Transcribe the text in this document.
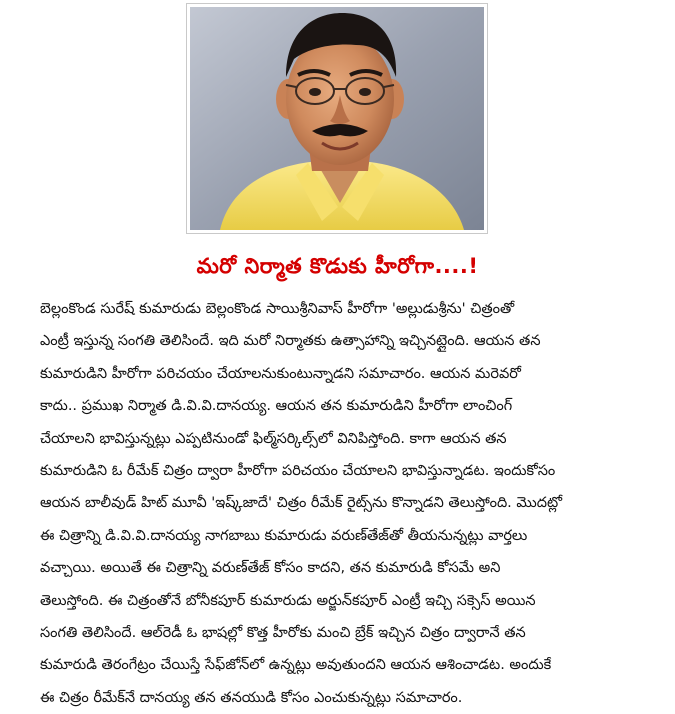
మరో నిర్మాత కొడుకు హీరోగా....!
బెల్లంకొండ సురేష్ కుమారుడు బెల్లంకొండ సాయిశ్రీనివాస్ హీరోగా 'అల్లుడుశ్రీను' చిత్రంతో
ఎంట్రీ ఇస్తున్న సంగతి తెలిసిందే. ఇది మరో నిర్మాతకు ఉత్సాహాన్ని ఇచ్చినట్లైంది. ఆయన తన
కుమారుడిని హీరోగా పరిచయం చేయాలనుకుంటున్నాడని సమాచారం. ఆయన మరెవరో
కాదు.. ప్రముఖ నిర్మాత డి.వి.వి.దానయ్య. ఆయన తన కుమారుడిని హీరోగా లాంచింగ్
చేయాలని భావిస్తున్నట్లు ఎప్పటినుండో ఫిల్మ్‌సర్కిల్స్‌లో వినిపిస్తోంది. కాగా ఆయన తన
కుమారుడిని ఓ రీమేక్ చిత్రం ద్వారా హీరోగా పరిచయం చేయాలని భావిస్తున్నాడట. ఇందుకోసం
ఆయన బాలీవుడ్ హిట్ మూవీ 'ఇష్క్‌జాదే' చిత్రం రీమేక్ రైట్స్‌ను కొన్నాడని తెలుస్తోంది. మొదట్లో
ఈ చిత్రాన్ని డి.వి.వి.దానయ్య నాగబాబు కుమారుడు వరుణ్‌తేజ్‌తో తీయనున్నట్లు వార్తలు
వచ్చాయి. అయితే ఈ చిత్రాన్ని వరుణ్‌తేజ్ కోసం కాదని, తన కుమారుడి కోసమే అని
తెలుస్తోంది. ఈ చిత్రంతోనే బోనీకపూర్ కుమారుడు అర్జున్‌కపూర్ ఎంట్రీ ఇచ్చి సక్సెస్ అయిన
సంగతి తెలిసిందే. ఆల్‌రెడీ ఓ భాషల్లో కొత్త హీరోకు మంచి బ్రేక్ ఇచ్చిన చిత్రం ద్వారానే తన
కుమారుడి తెరంగేట్రం చేయిస్తే సేఫ్‌జోన్‌లో ఉన్నట్లు అవుతుందని ఆయన ఆశించాడట. అందుకే
ఈ చిత్రం రీమేక్‌నే దానయ్య తన తనయుడి కోసం ఎంచుకున్నట్లు సమాచారం.
